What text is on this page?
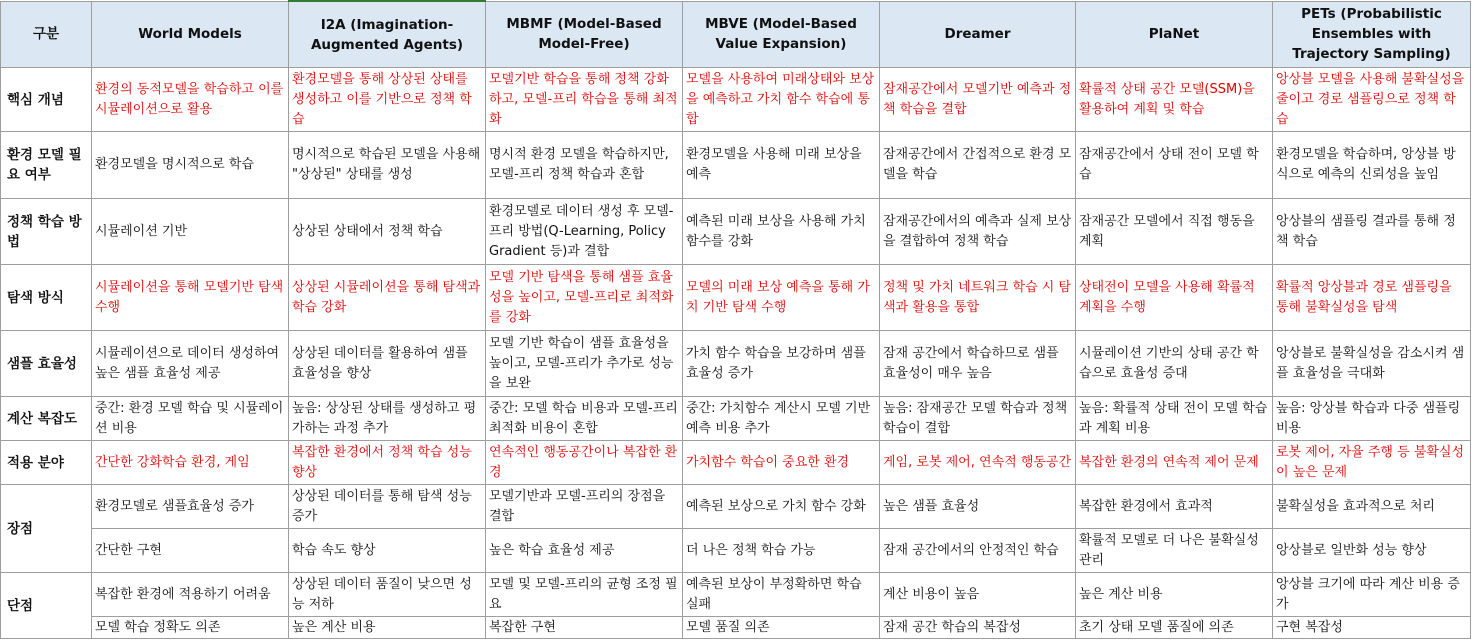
구분	World Models	I2A (Imagination-Augmented Agents)	MBMF (Model-Based Model-Free)	MBVE (Model-Based Value Expansion)	Dreamer	PlaNet	PETs (Probabilistic Ensembles with Trajectory Sampling)
핵심 개념	환경의 동적모델을 학습하고 이를 시뮬레이션으로 활용	환경모델을 통해 상상된 상태를 생성하고 이를 기반으로 정책 학습	모델기반 학습을 통해 정책 강화하고, 모델-프리 학습을 통해 최적화	모델을 사용하여 미래상태와 보상을 예측하고 가치 함수 학습에 통합	잠재공간에서 모델기반 예측과 정책 학습을 결합	확률적 상태 공간 모델(SSM)을 활용하여 계획 및 학습	앙상블 모델을 사용해 불확실성을 줄이고 경로 샘플링으로 정책 학습
환경 모델 필요 여부	환경모델을 명시적으로 학습	명시적으로 학습된 모델을 사용해 "상상된" 상태를 생성	명시적 환경 모델을 학습하지만, 모델-프리 정책 학습과 혼합	환경모델을 사용해 미래 보상을 예측	잠재공간에서 간접적으로 환경 모델을 학습	잠재공간에서 상태 전이 모델 학습	환경모델을 학습하며, 앙상블 방식으로 예측의 신뢰성을 높임
정책 학습 방법	시뮬레이션 기반	상상된 상태에서 정책 학습	환경모델로 데이터 생성 후 모델-프리 방법(Q-Learning, Policy Gradient 등)과 결합	예측된 미래 보상을 사용해 가치 함수를 강화	잠재공간에서의 예측과 실제 보상을 결합하여 정책 학습	잠재공간 모델에서 직접 행동을 계획	앙상블의 샘플링 결과를 통해 정책 학습
탐색 방식	시뮬레이션을 통해 모델기반 탐색 수행	상상된 시뮬레이션을 통해 탐색과 학습 강화	모델 기반 탐색을 통해 샘플 효율성을 높이고, 모델-프리로 최적화를 강화	모델의 미래 보상 예측을 통해 가치 기반 탐색 수행	정책 및 가치 네트워크 학습 시 탐색과 활용을 통합	상태전이 모델을 사용해 확률적 계획을 수행	확률적 앙상블과 경로 샘플링을 통해 불확실성을 탐색
샘플 효율성	시뮬레이션으로 데이터 생성하여 높은 샘플 효율성 제공	상상된 데이터를 활용하여 샘플 효율성을 향상	모델 기반 학습이 샘플 효율성을 높이고, 모델-프리가 추가로 성능을 보완	가치 함수 학습을 보강하며 샘플 효율성 증가	잠재 공간에서 학습하므로 샘플 효율성이 매우 높음	시뮬레이션 기반의 상태 공간 학습으로 효율성 증대	앙상블로 불확실성을 감소시켜 샘플 효율성을 극대화
계산 복잡도	중간: 환경 모델 학습 및 시뮬레이션 비용	높음: 상상된 상태를 생성하고 평가하는 과정 추가	중간: 모델 학습 비용과 모델-프리 최적화 비용이 혼합	중간: 가치함수 계산시 모델 기반 예측 비용 추가	높음: 잠재공간 모델 학습과 정책 학습이 결합	높음: 확률적 상태 전이 모델 학습과 계획 비용	높음: 앙상블 학습과 다중 샘플링 비용
적용 분야	간단한 강화학습 환경, 게임	복잡한 환경에서 정책 학습 성능 향상	연속적인 행동공간이나 복잡한 환경	가치함수 학습이 중요한 환경	게임, 로봇 제어, 연속적 행동공간	복잡한 환경의 연속적 제어 문제	로봇 제어, 자율 주행 등 불확실성이 높은 문제
장점	환경모델로 샘플효율성 증가	상상된 데이터를 통해 탐색 성능 증가	모델기반과 모델-프리의 장점을 결합	예측된 보상으로 가치 함수 강화	높은 샘플 효율성	복잡한 환경에서 효과적	불확실성을 효과적으로 처리
	간단한 구현	학습 속도 향상	높은 학습 효율성 제공	더 나은 정책 학습 가능	잠재 공간에서의 안정적인 학습	확률적 모델로 더 나은 불확실성 관리	앙상블로 일반화 성능 향상
단점	복잡한 환경에 적용하기 어려움	상상된 데이터 품질이 낮으면 성능 저하	모델 및 모델-프리의 균형 조정 필요	예측된 보상이 부정확하면 학습 실패	계산 비용이 높음	높은 계산 비용	앙상블 크기에 따라 계산 비용 증가
	모델 학습 정확도 의존	높은 계산 비용	복잡한 구현	모델 품질 의존	잠재 공간 학습의 복잡성	초기 상태 모델 품질에 의존	구현 복잡성
